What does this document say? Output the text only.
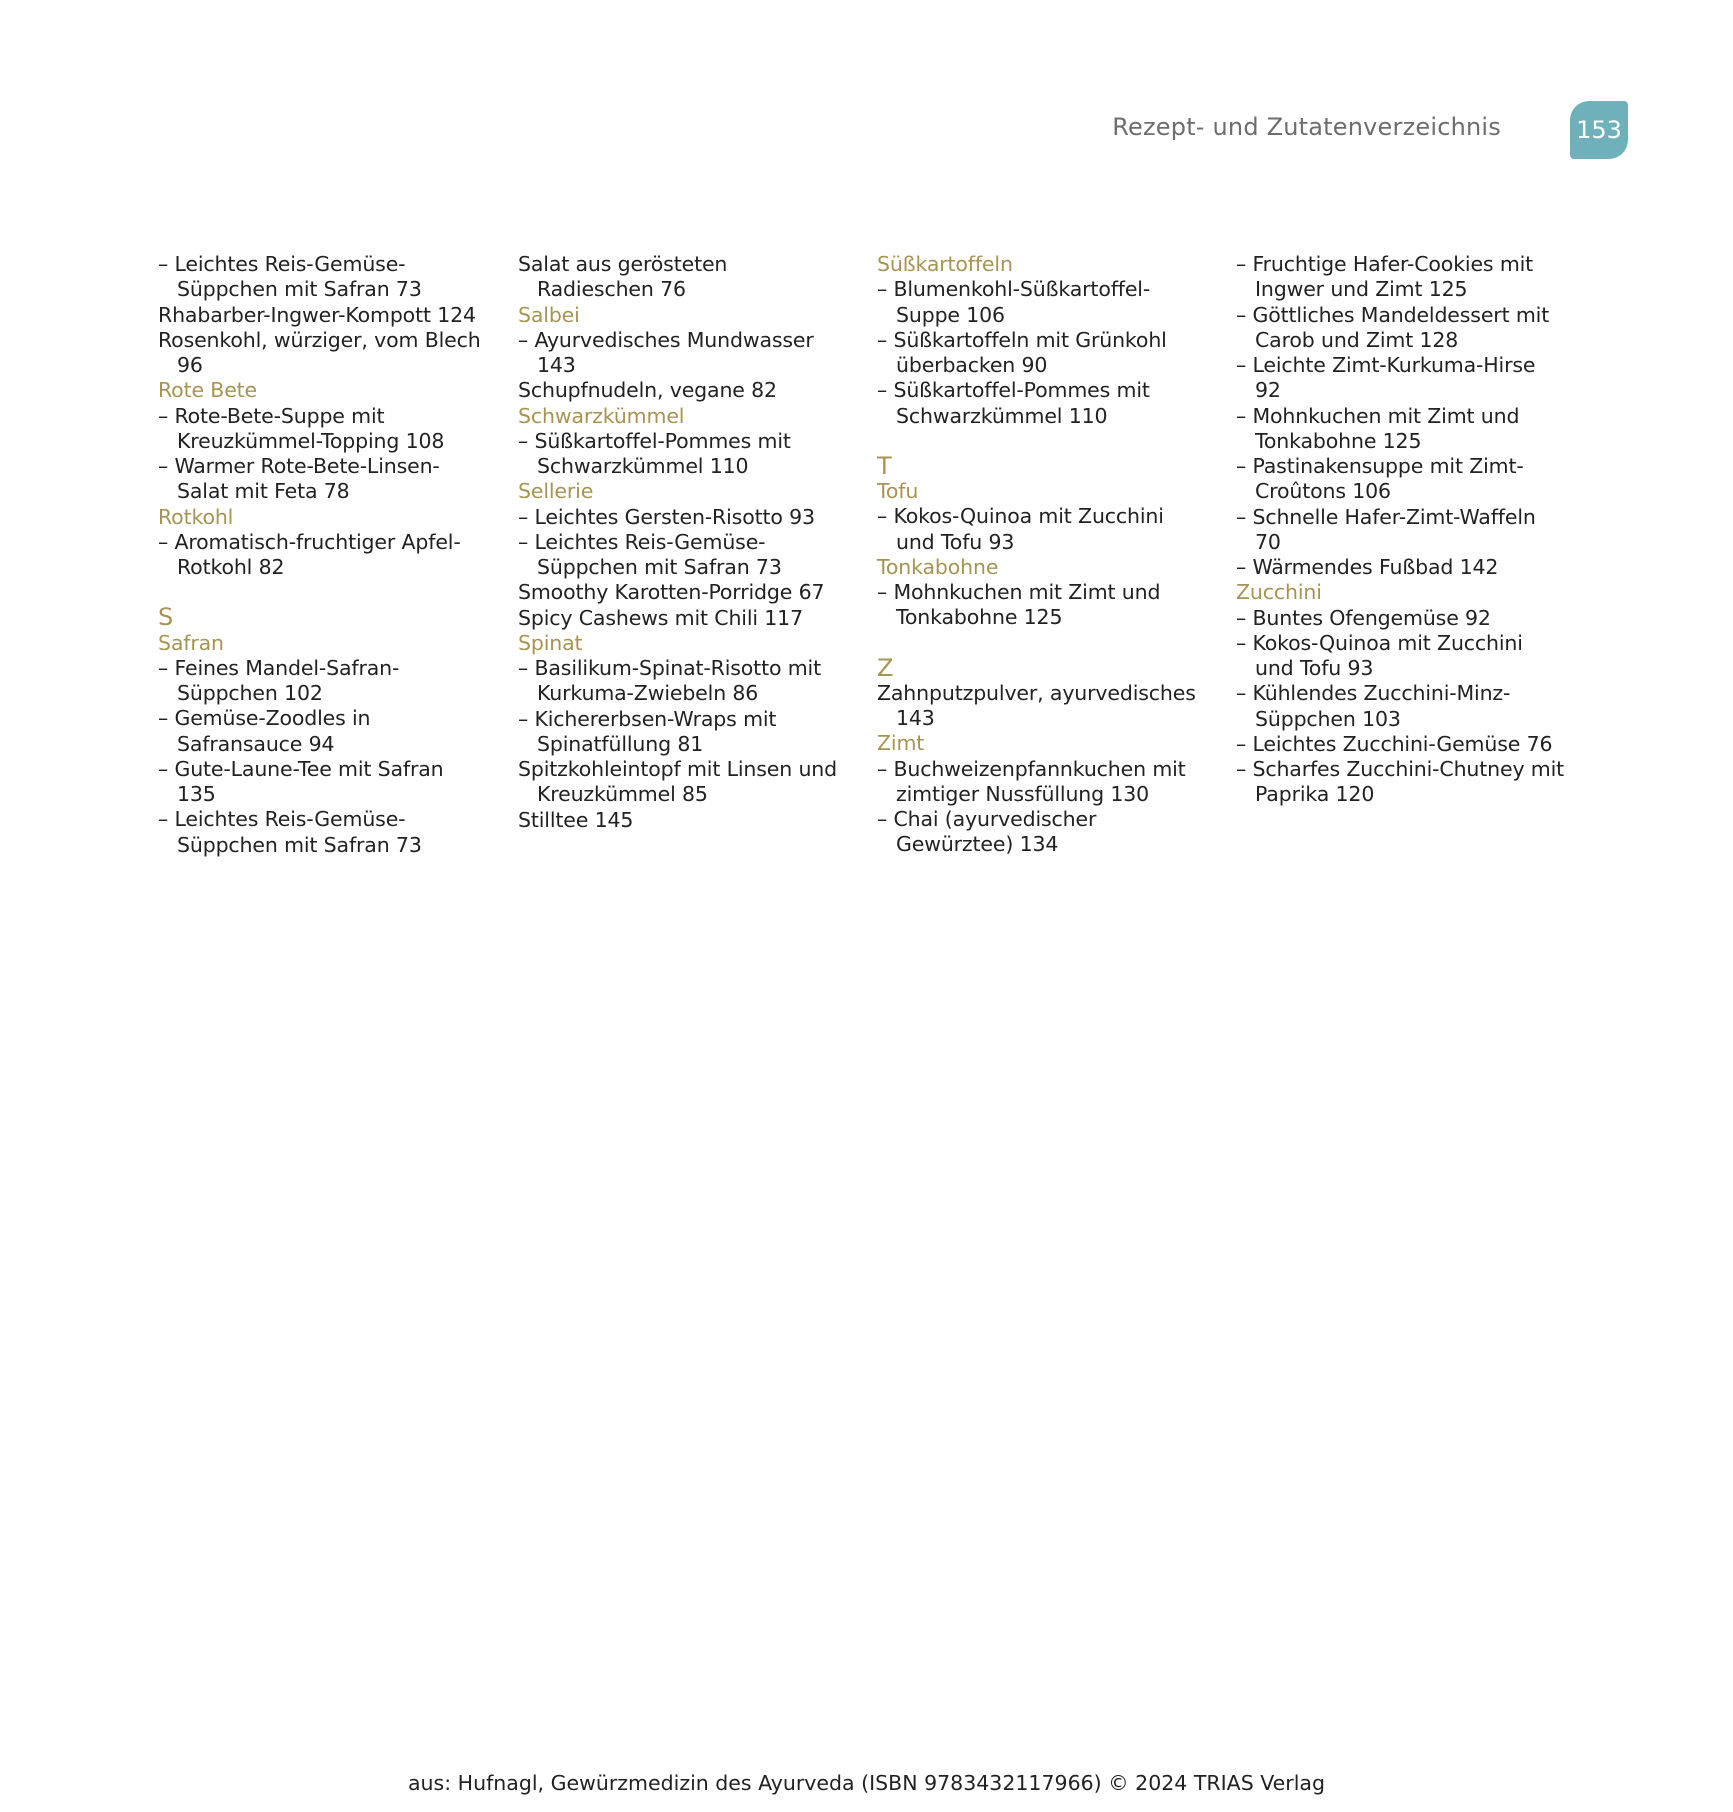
Rezept- und Zutatenverzeichnis	153
– Leichtes Reis-Gemüse-
Süppchen mit Safran 73
Rhabarber-Ingwer-Kompott 124
Rosenkohl, würziger, vom Blech
96
Rote Bete
– Rote-Bete-Suppe mit
Kreuzkümmel-Topping 108
– Warmer Rote-Bete-Linsen-
Salat mit Feta 78
Rotkohl
– Aromatisch-fruchtiger Apfel-
Rotkohl 82
S
Safran
– Feines Mandel-Safran-
Süppchen 102
– Gemüse-Zoodles in
Safransauce 94
– Gute-Laune-Tee mit Safran
135
– Leichtes Reis-Gemüse-
Süppchen mit Safran 73
Salat aus gerösteten
Radieschen 76
Salbei
– Ayurvedisches Mundwasser
143
Schupfnudeln, vegane 82
Schwarzkümmel
– Süßkartoffel-Pommes mit
Schwarzkümmel 110
Sellerie
– Leichtes Gersten-Risotto 93
– Leichtes Reis-Gemüse-
Süppchen mit Safran 73
Smoothy Karotten-Porridge 67
Spicy Cashews mit Chili 117
Spinat
– Basilikum-Spinat-Risotto mit
Kurkuma-Zwiebeln 86
– Kichererbsen-Wraps mit
Spinatfüllung 81
Spitzkohleintopf mit Linsen und
Kreuzkümmel 85
Stilltee 145
Süßkartoffeln
– Blumenkohl-Süßkartoffel-
Suppe 106
– Süßkartoffeln mit Grünkohl
überbacken 90
– Süßkartoffel-Pommes mit
Schwarzkümmel 110
T
Tofu
– Kokos-Quinoa mit Zucchini
und Tofu 93
Tonkabohne
– Mohnkuchen mit Zimt und
Tonkabohne 125
Z
Zahnputzpulver, ayurvedisches
143
Zimt
– Buchweizenpfannkuchen mit
zimtiger Nussfüllung 130
– Chai (ayurvedischer
Gewürztee) 134
– Fruchtige Hafer-Cookies mit
Ingwer und Zimt 125
– Göttliches Mandeldessert mit
Carob und Zimt 128
– Leichte Zimt-Kurkuma-Hirse
92
– Mohnkuchen mit Zimt und
Tonkabohne 125
– Pastinakensuppe mit Zimt-
Croûtons 106
– Schnelle Hafer-Zimt-Waffeln
70
– Wärmendes Fußbad 142
Zucchini
– Buntes Ofengemüse 92
– Kokos-Quinoa mit Zucchini
und Tofu 93
– Kühlendes Zucchini-Minz-
Süppchen 103
– Leichtes Zucchini-Gemüse 76
– Scharfes Zucchini-Chutney mit
Paprika 120
aus: Hufnagl, Gewürzmedizin des Ayurveda (ISBN 9783432117966) © 2024 TRIAS Verlag
